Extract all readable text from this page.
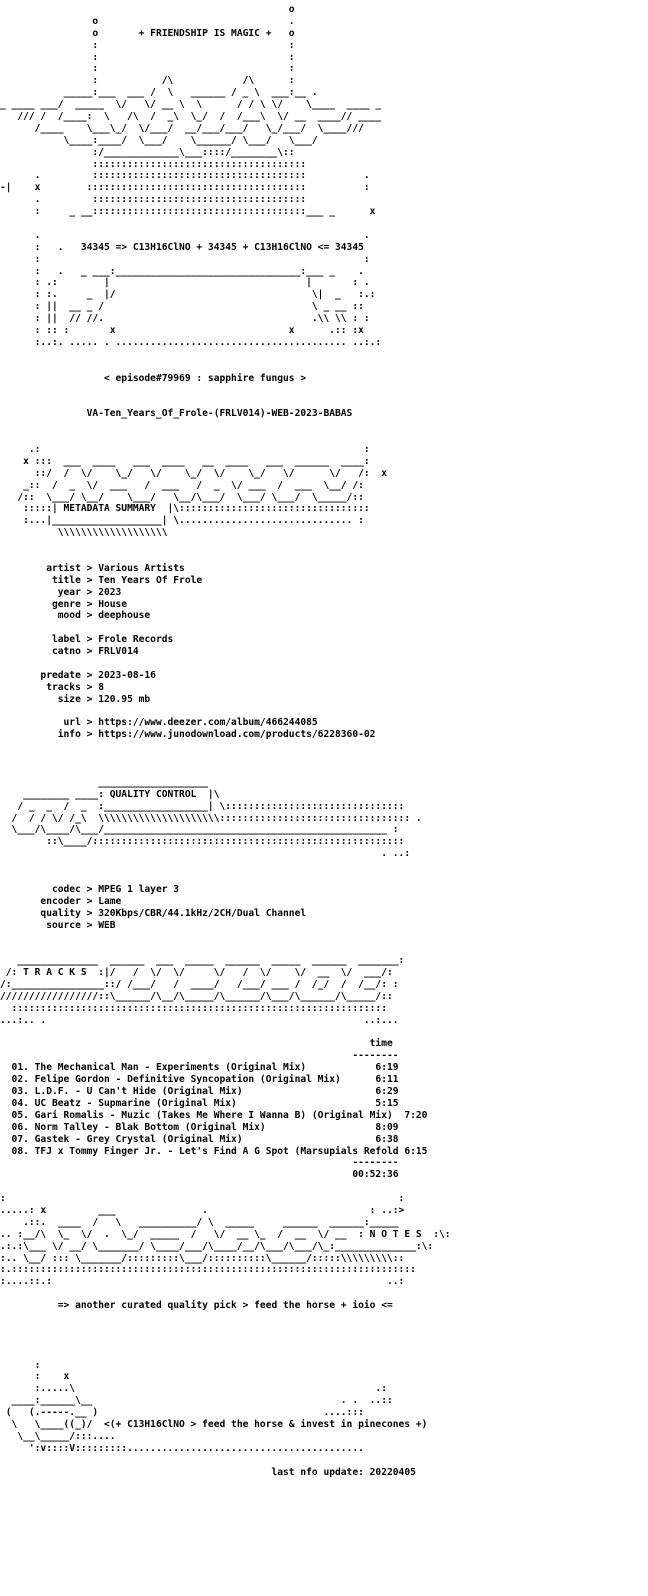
o
o                                 .
o       + FRIENDSHIP IS MAGIC +   o
:                                 :
:                                 :
:                                 :
:           /\            /\      :
_____:___  ___ /  \   ______ / _ \  ___:__ .
_ ____ ___/  _____  \/   \/ __ \  \      / / \ \/    \____  ____ _
/// /  /____:  \   /\  /  _\  \_/  /  /___\  \/ __  ____// ____
/____    \___\_/  \/___/  __/___/___/   \_/___/  \____///
\____:____/  \___/    \______/ \___/   \___/
:/_____________\___::::/________\::
:::::::::::::::::::::::::::::::::::::
.         :::::::::::::::::::::::::::::::::::::          .
-|    x        ::::::::::::::::::::::::::::::::::::::          :
.         :::::::::::::::::::::::::::::::::::::
:     _ __:::::::::::::::::::::::::::::::::::::___ _      x
.                                                        .
:   .   34345 => C13H16ClNO + 34345 + C13H16ClNO <= 34345
:                                                        :
:   .   _ ___:________________________________:___ _    .
: .:        |                                  |       : .
: :.     _  |/                                  \|  _   :.:
: ||  __ _ /                                    \ _ __ ::
: ||  // //.                                    .\\ \\ : :
: :: :       x                              x      .:: :x
:..:. ..... . ........................................ ..:.:
< episode#79969 : sapphire fungus >
VA-Ten_Years_Of_Frole-(FRLV014)-WEB-2023-BABAS
.:                                                        :
x :::  ___  ____   ___  ____   __  ____   ___  ______  ____:
::/  /  \/    \_/   \/    \_/  \/    \_/   \/      \/   /:  x
_::  /  _  \/  ___   /  ___   /  _  \/ ___  /  ___  \__/ /:
/::  \___/ \__/    \___/   \__/\___/  \___/ \___/  \_____/::
:::::| METADATA SUMMARY  |\:::::::::::::::::::::::::::::::::
:...|___________________| \.............................. :
\\\\\\\\\\\\\\\\\\\
artist > Various Artists
title > Ten Years Of Frole
year > 2023
genre > House
mood > deephouse
label > Frole Records
catno > FRLV014
predate > 2023-08-16
tracks > 8
size > 120.95 mb
url > https://www.deezer.com/album/466244085
info > https://www.junodownload.com/products/6228360-02
___________________
________ ____: QUALITY CONTROL  |\
/ _  _  /  _  :__________________| \:::::::::::::::::::::::::::::::
/  / / \/ /_\  \\\\\\\\\\\\\\\\\\\\\::::::::::::::::::::::::::::::::: .
\___/\____/\___/_________________________________________________ :
::\____/::::::::::::::::::::::::::::::::::::::::::::::::::::::
. ..:
codec > MPEG 1 layer 3
encoder > Lame
quality > 320Kbps/CBR/44.1kHz/2CH/Dual Channel
source > WEB
______________  ______  ___  _____  ______  _____  ______  _______:
/: T R A C K S  :|/   /  \/  \/     \/   /  \/    \/  __  \/  ___/:
/:________________::/ /___/   /  ____/   /___/ ___ /  /_/  /  /__/: :
/////////////////::\______/\__/\_____/\______/\___/\______/\_____/::
:::::::::::::::::::::::::::::::::::::::::::::::::::::::::::::::::
...:.. .                                                       ..:...
time
--------
01. The Mechanical Man - Experiments (Original Mix)            6:19
02. Felipe Gordon - Definitive Syncopation (Original Mix)      6:11
03. L.D.F. - U Can't Hide (Original Mix)                       6:29
04. UC Beatz - Supmarine (Original Mix)                        5:15
05. Gari Romalis - Muzic (Takes Me Where I Wanna B) (Original Mix)  7:20
06. Norm Talley - Blak Bottom (Original Mix)                   8:09
07. Gastek - Grey Crystal (Original Mix)                       6:38
08. TFJ x Tommy Finger Jr. - Let's Find A G Spot (Marsupials Refold 6:15
--------
00:52:36
:                                                                    :
.....: x         ___               .                            : ..:>
.::.  ____  /   \   __________/ \  _____     ______  ______:_____
.. :__/\  \_  \/  .  \_/  _____  /   \/  __ \_  /  __  \/ __  : N O T E S  :\:
.:.:\___ \/ __/ \_______/ \____/___/\____/__/\___/\___/\_:______________:\:
:.. \__/ ::: \_______/:::::::::\___/::::::::::\______/:::::\\\\\\\\\::
:.::::::::::::::::::::::::::::::::::::::::::::::::::::::::::::::::::::::
:....::.:                                                          ..:
=> another curated quality pick > feed the horse + ioio <=
:
:    x
:.....\                                                    .:
____:______\__                                           . .  ..::
(   (.-----.__ )                                       ....:::
\   \____((_)/  <(+ C13H16ClNO > feed the horse & invest in pinecones +)
\__\_____/:::....
':v::::V:::::::::.........................................
last nfo update: 20220405
